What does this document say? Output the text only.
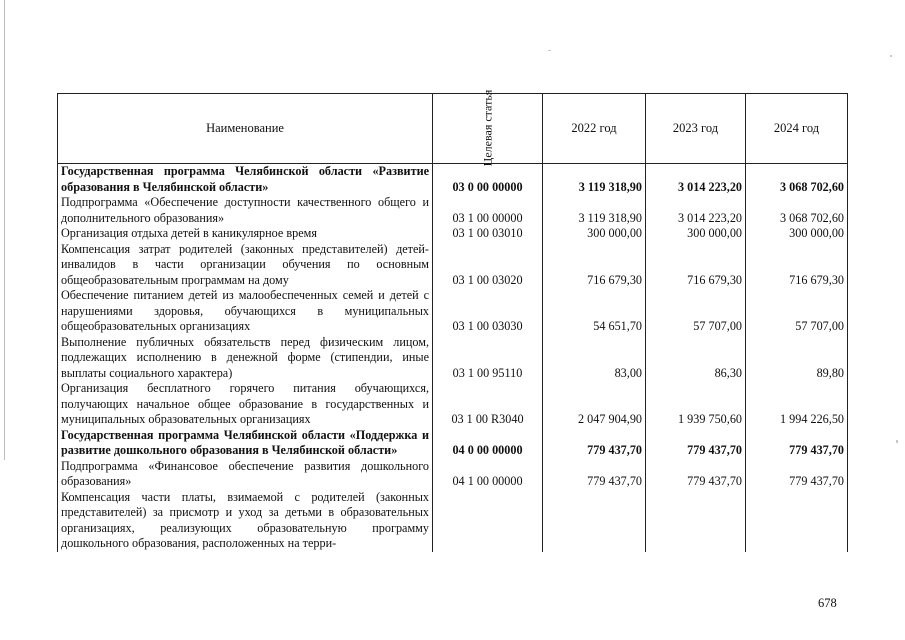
Наименование	Целевая статья	2022 год	2023 год	2024 год
Государственная программа Челябинской области «Развитие образования в Челябинской области»	03 0 00 00000	3 119 318,90	3 014 223,20	3 068 702,60
Подпрограмма «Обеспечение доступности качественного общего и дополнительного образования»	03 1 00 00000	3 119 318,90	3 014 223,20	3 068 702,60
Организация отдыха детей в каникулярное время	03 1 00 03010	300 000,00	300 000,00	300 000,00
Компенсация затрат родителей (законных представителей) детей-инвалидов в части организации обучения по основным общеобразовательным программам на дому	03 1 00 03020	716 679,30	716 679,30	716 679,30
Обеспечение питанием детей из малообеспеченных семей и детей с нарушениями здоровья, обучающихся в муниципальных общеобразовательных организациях	03 1 00 03030	54 651,70	57 707,00	57 707,00
Выполнение публичных обязательств перед физическим лицом, подлежащих исполнению в денежной форме (стипендии, иные выплаты социального характера)	03 1 00 95110	83,00	86,30	89,80
Организация бесплатного горячего питания обучающихся, получающих начальное общее образование в государственных и муниципальных образовательных организациях	03 1 00 R3040	2 047 904,90	1 939 750,60	1 994 226,50
Государственная программа Челябинской области «Поддержка и развитие дошкольного образования в Челябинской области»	04 0 00 00000	779 437,70	779 437,70	779 437,70
Подпрограмма «Финансовое обеспечение развития дошкольного образования»	04 1 00 00000	779 437,70	779 437,70	779 437,70
Компенсация части платы, взимаемой с родителей (законных представителей) за присмотр и уход за детьми в образовательных организациях, реализующих образовательную программу дошкольного образования, расположенных на терри-				
678
